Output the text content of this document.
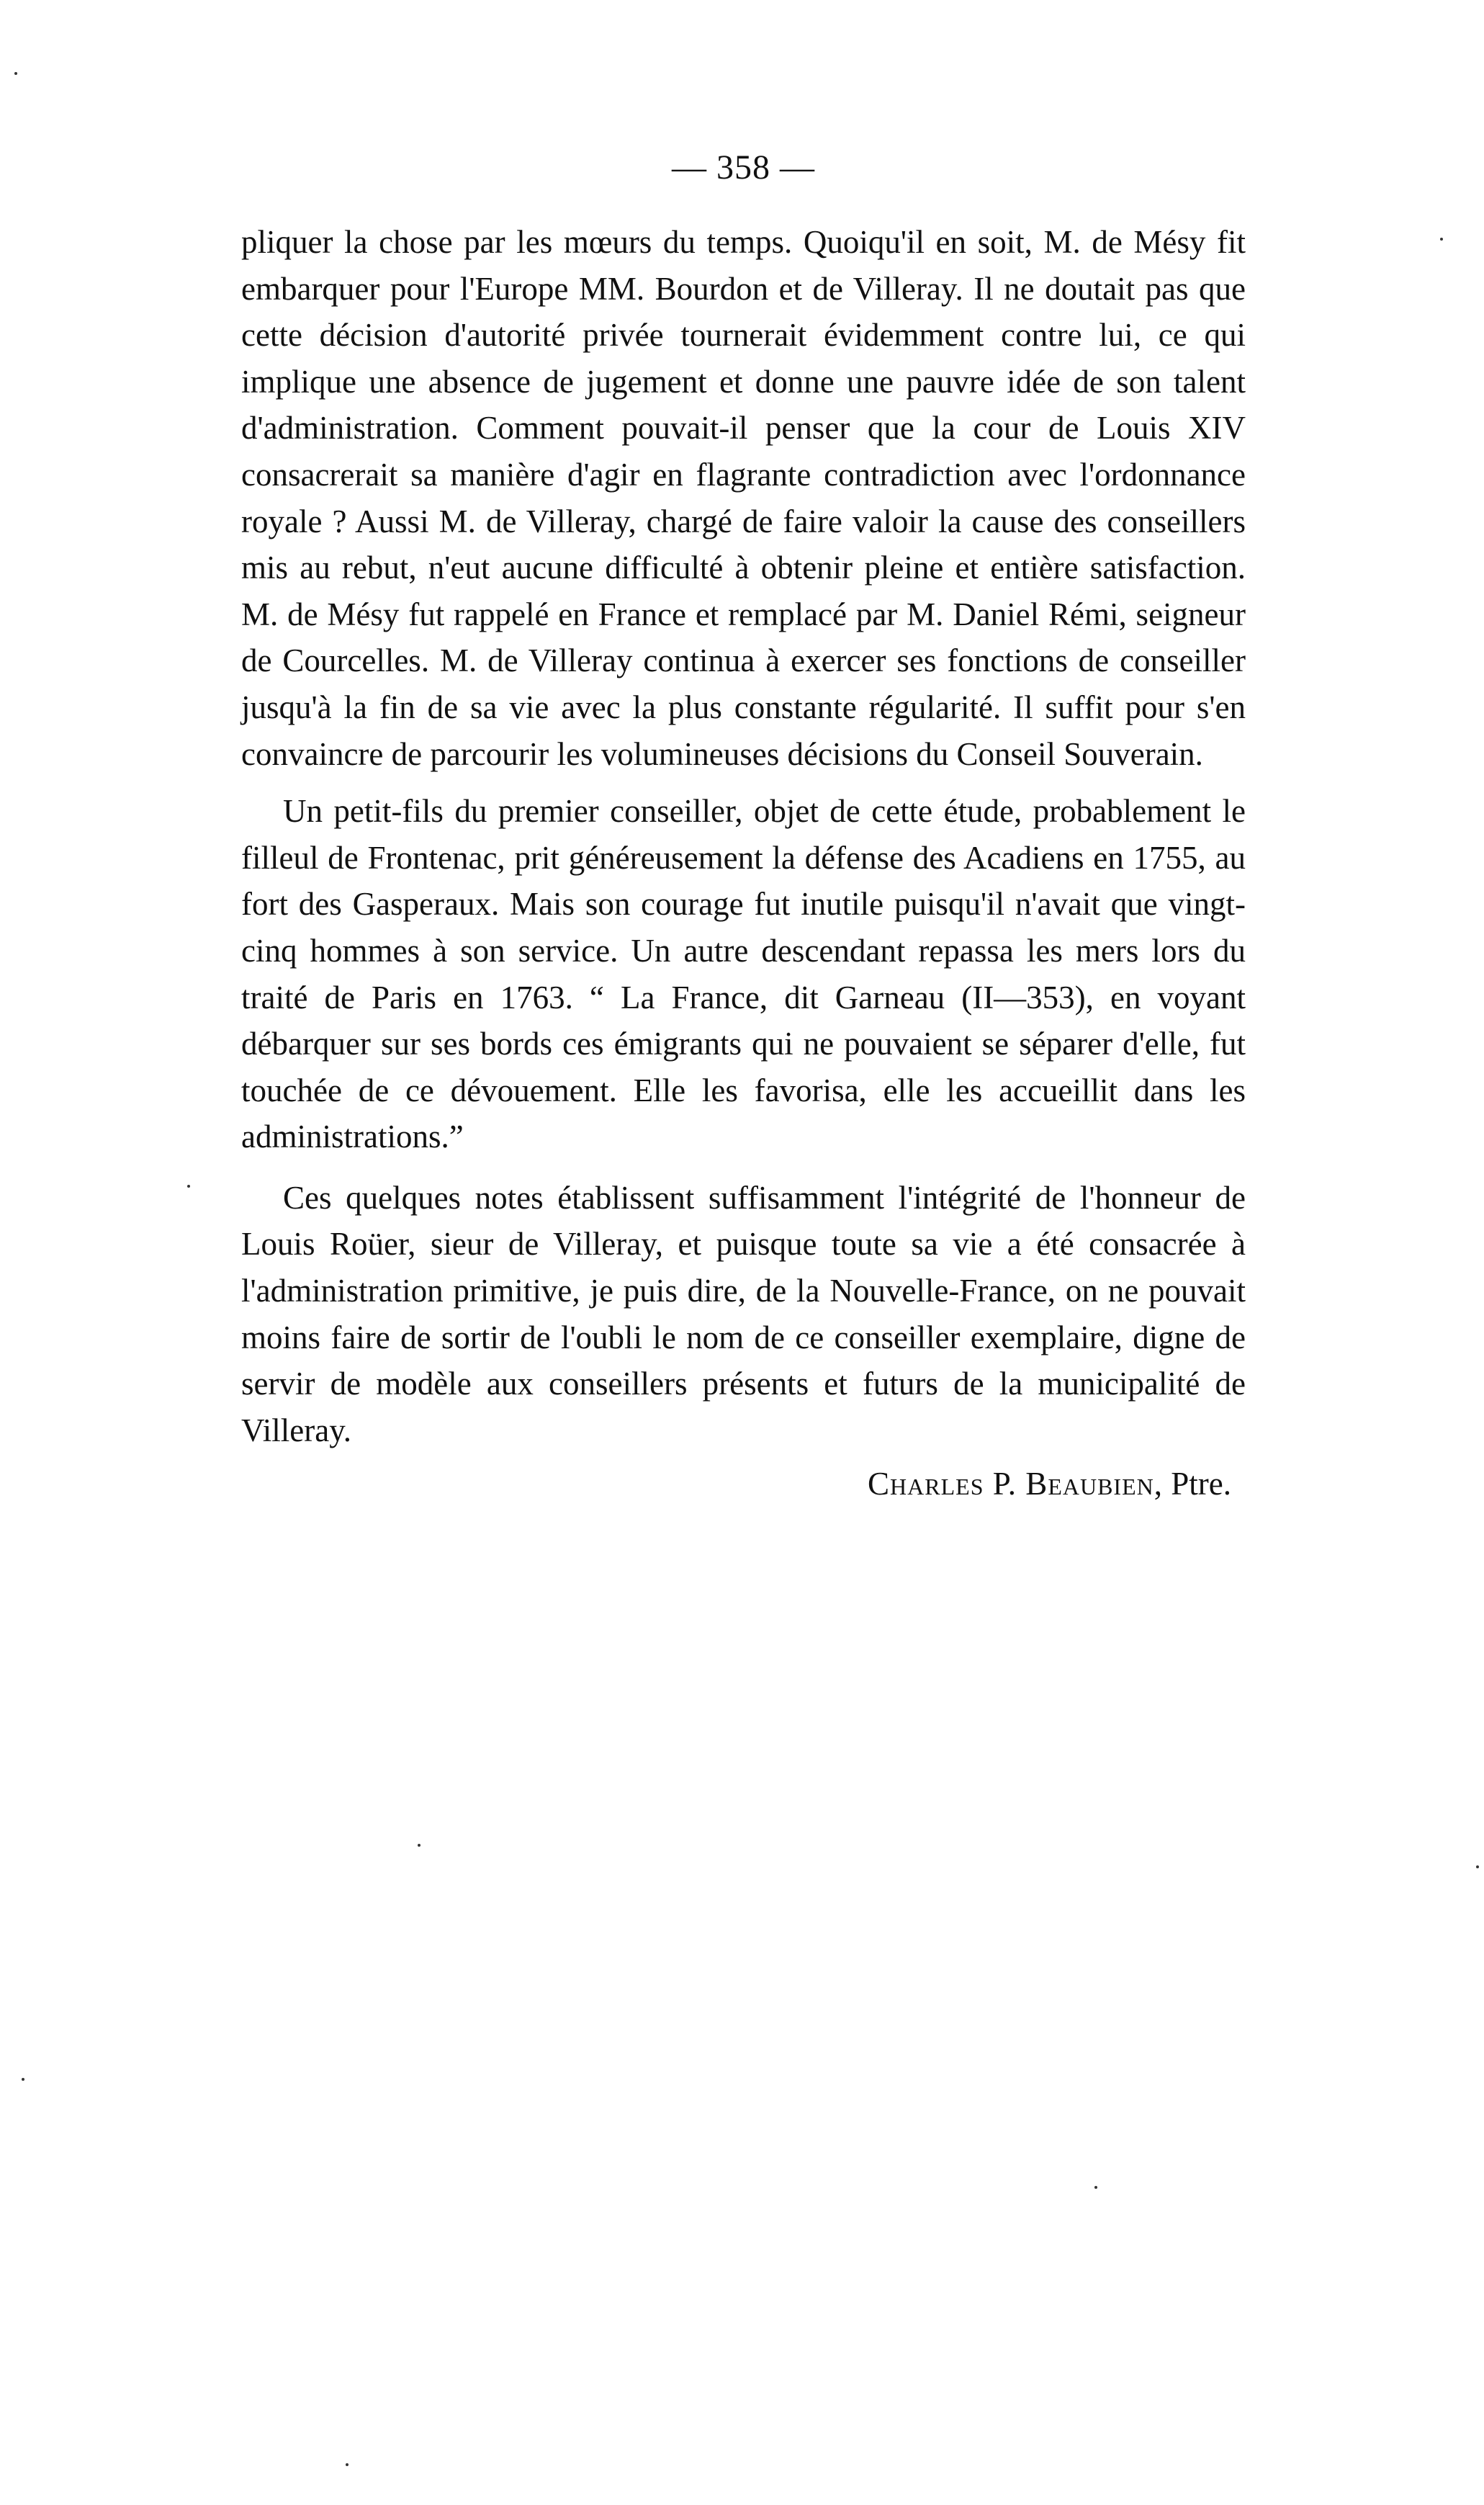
— 358 —

pliquer la chose par les mœurs du temps. Quoiqu'il en soit, M. de Mésy fit embarquer pour l'Europe MM. Bourdon et de Villeray. Il ne doutait pas que cette décision d'autorité privée tournerait évidemment contre lui, ce qui implique une absence de jugement et donne une pauvre idée de son talent d'administration. Comment pouvait-il penser que la cour de Louis XIV consacrerait sa manière d'agir en flagrante contradiction avec l'ordonnance royale ? Aussi M. de Villeray, chargé de faire valoir la cause des conseillers mis au rebut, n'eut aucune difficulté à obtenir pleine et entière satisfaction. M. de Mésy fut rappelé en France et remplacé par M. Daniel Rémi, seigneur de Courcelles. M. de Villeray continua à exercer ses fonctions de conseiller jusqu'à la fin de sa vie avec la plus constante régularité. Il suffit pour s'en convaincre de parcourir les volumineuses décisions du Conseil Souverain.

Un petit-fils du premier conseiller, objet de cette étude, probablement le filleul de Frontenac, prit généreusement la défense des Acadiens en 1755, au fort des Gasperaux. Mais son courage fut inutile puisqu'il n'avait que vingt-cinq hommes à son service. Un autre descendant repassa les mers lors du traité de Paris en 1763. “ La France, dit Garneau (II—353), en voyant débarquer sur ses bords ces émigrants qui ne pouvaient se séparer d'elle, fut touchée de ce dévouement. Elle les favorisa, elle les accueillit dans les administrations.”

Ces quelques notes établissent suffisamment l'intégrité de l'honneur de Louis Roüer, sieur de Villeray, et puisque toute sa vie a été consacrée à l'administration primitive, je puis dire, de la Nouvelle-France, on ne pouvait moins faire de sortir de l'oubli le nom de ce conseiller exemplaire, digne de servir de modèle aux conseillers présents et futurs de la municipalité de Villeray.

Charles P. Beaubien, Ptre.
